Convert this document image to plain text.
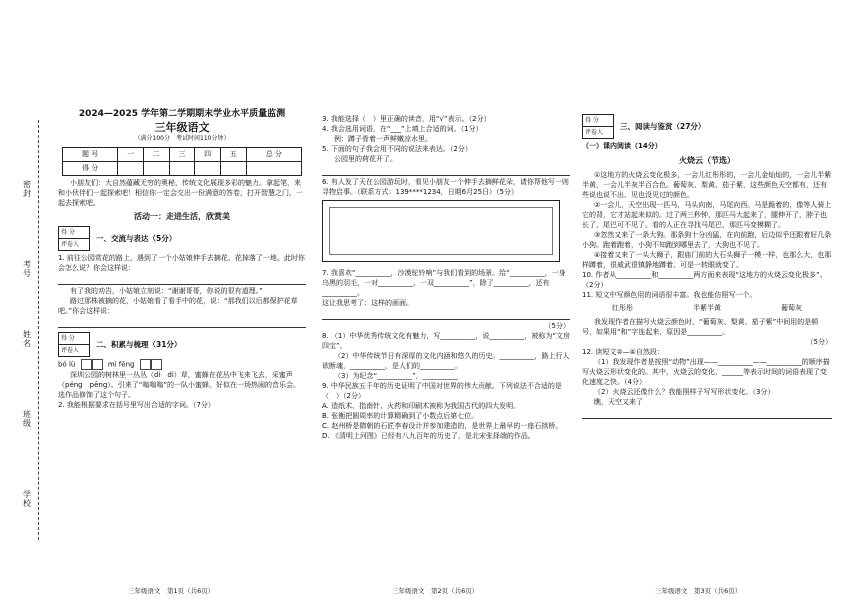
密封
考号
姓名
班级
学校
2024—2025 学年第二学期期末学业水平质量监测
三年级语文
（满分100分　考试时间110分钟）
题 号	一	二	三	四	五	总 分
得 分						
小朋友们：大自然蕴藏无穷的奥秘，传统文化展现多彩的魅力。拿起笔，来和小伙伴们一起探索吧！相信你一定会交出一份满意的答卷，打开智慧之门，一起去探索吧。
活动一：走进生活，欣赏美
得 分
评卷人
一、交流与表达（5分）
1. 前往公园赏花的路上，遇到了一个小姑娘伸手去摘花，花掉落了一地。此时你会怎么说？你会这样说：
有了我的劝告，小姑娘立刻说：“谢谢哥哥，你说的很有道理。”
路过那株被摘的花，小姑娘看了看手中的花，说：“那我们以后都保护花草吧。”你会这样说：
得 分
评卷人
二、积累与梳理（31分）
bó lù	mì fēng
深圳公园的树林里一丛丛（di　dì）草，蜜蜂在花丛中飞来飞去，采蜜声（péng　pēng）。引来了“嗡嗡嗡”的一队小蜜蜂，好似在一场热闹的音乐会。
选作品修饰了这个句子。
2. 我能根据要求在括号里写出合适的字词。（7分）
三年级语文　第1页（共6页）
3. 我能选择（　）里正确的读音，用“√”表示。（2分）
4. 我会选用词语，在“___”上填上合适的词。（1分）
例：蹲子骨着一声鲜嫩凉水里。
5. 下面的句子我会用不同的说法来表达。（2分）
公园里的荷花开了。
6. 有人发了天在公园游玩时，看见小朋友一个伸手去摘鲜花朵，请你帮他写一则寻物启事。（联系方式：139****1234，日期6月25日）（5分）
7. 我喜欢“__________，沙漠驼铃响”与我们看到的场景。给“__________，一身乌黑的羽毛，一对__________，一双__________”，除了__________，还有__________。
这让我思考了：这样的画面。
（5分）
8. （1）中华优秀传统文化有魅力，写__________，说__________，被称为“文房四宝”。
（2）中华传统节日有深厚的文化内涵和悠久的历史。__________，路上行人欲断魂，__________，是人们的__________。
（3）为纪念“__________”，__________
9. 中华民族五千年的历史证明了中国对世界的伟大贡献。下列说法不合适的是（　）（2分）
A. 造纸术、指南针、火药和印刷术被称为我国古代的四大发明。
B. 张衡把圆周率的计算精确到了小数点后第七位。
C. 赵州桥是隋朝的石匠李春设计并参加建造的，是世界上最早的一座石拱桥。
D. 《清明上河图》已经有八九百年的历史了，是北宋张择端的作品。
三年级语文　第2页（共6页）
得 分
评卷人
三、阅读与鉴赏（27分）
（一）课内阅读（14分）
火烧云（节选）
①这地方的火烧云变化极多，一会儿红彤彤的，一会儿金灿灿的，一会儿半紫半黄，一会儿半灰半百合色。葡萄灰、梨黄、茄子紫，这些颜色天空都有，还有些说也说不出、见也没见过的颜色。
②一会儿，天空出现一匹马，马头向南，马尾向西。马是跪着的，像等人骑上它的背，它才站起来似的。过了两三秒钟，那匹马大起来了，腿伸开了，脖子也长了，尾巴可不见了。看的人正在寻找马尾巴，那匹马变模糊了。
③忽然又来了一条大狗。那条狗十分凶猛，在向前跑，后边似乎还跟着好几条小狗。跑着跑着，小狗不知跑到哪里去了，大狗也不见了。
④接着又来了一头大狮子，跟庙门前的大石头狮子一模一样，也那么大，也那样蹲着，很威武很镇静地蹲着。可是一转眼就变了。
10. 作者从__________和__________两方面来表现“这地方的火烧云变化极多”。（2分）
11. 短文中写颜色用的词语很丰富。我也能仿照写一个。
红彤彤	半紫半黄	葡萄灰
我发现作者在描写火烧云颜色时，“葡萄灰、梨黄、茄子紫”中间用的是顿号，如果用“和”字连起来，原因是__________。
（5分）
12. 读短文②—④自然段：
（1）我发现作者是按照“动物”出现——__________——__________的顺序描写火烧云形状变化的。其中，火烧云的变化，______等表示时间的词语表现了变化速度之快。（4分）
（2）火烧云还像什么？我能照样子写写形状变化。（3分）
瞧，天空又来了
三年级语文　第3页（共6页）
